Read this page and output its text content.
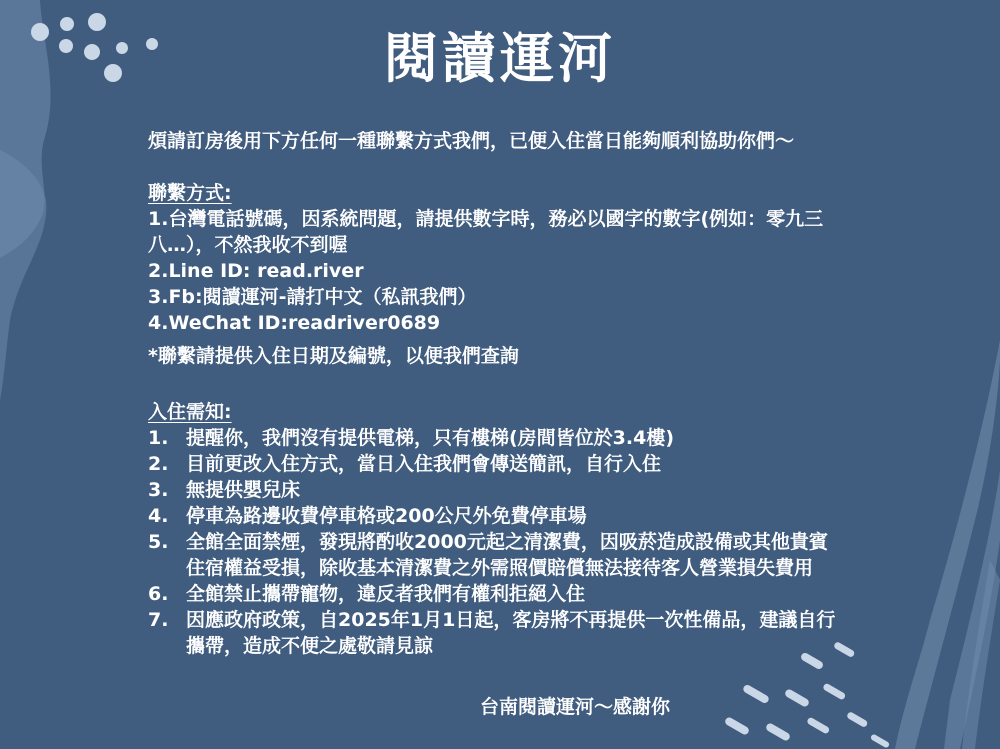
閱讀運河
煩請訂房後用下方任何一種聯繫方式我們，已便入住當日能夠順利協助你們～
聯繫方式:
1.台灣電話號碼，因系統問題，請提供數字時，務必以國字的數字(例如：零九三
八…），不然我收不到喔
2.Line ID: read.river
3.Fb:閱讀運河-請打中文（私訊我們）
4.WeChat ID:readriver0689
*聯繫請提供入住日期及編號，以便我們查詢
入住需知:
1. 提醒你，我們沒有提供電梯，只有樓梯(房間皆位於3.4樓)
2. 目前更改入住方式，當日入住我們會傳送簡訊，自行入住
3. 無提供嬰兒床
4. 停車為路邊收費停車格或200公尺外免費停車場
5. 全館全面禁煙，發現將酌收2000元起之清潔費，因吸菸造成設備或其他貴賓
住宿權益受損，除收基本清潔費之外需照價賠償無法接待客人營業損失費用
6. 全館禁止攜帶寵物，違反者我們有權利拒絕入住
7. 因應政府政策，自2025年1月1日起，客房將不再提供一次性備品，建議自行
攜帶，造成不便之處敬請見諒
台南閱讀運河～感謝你
